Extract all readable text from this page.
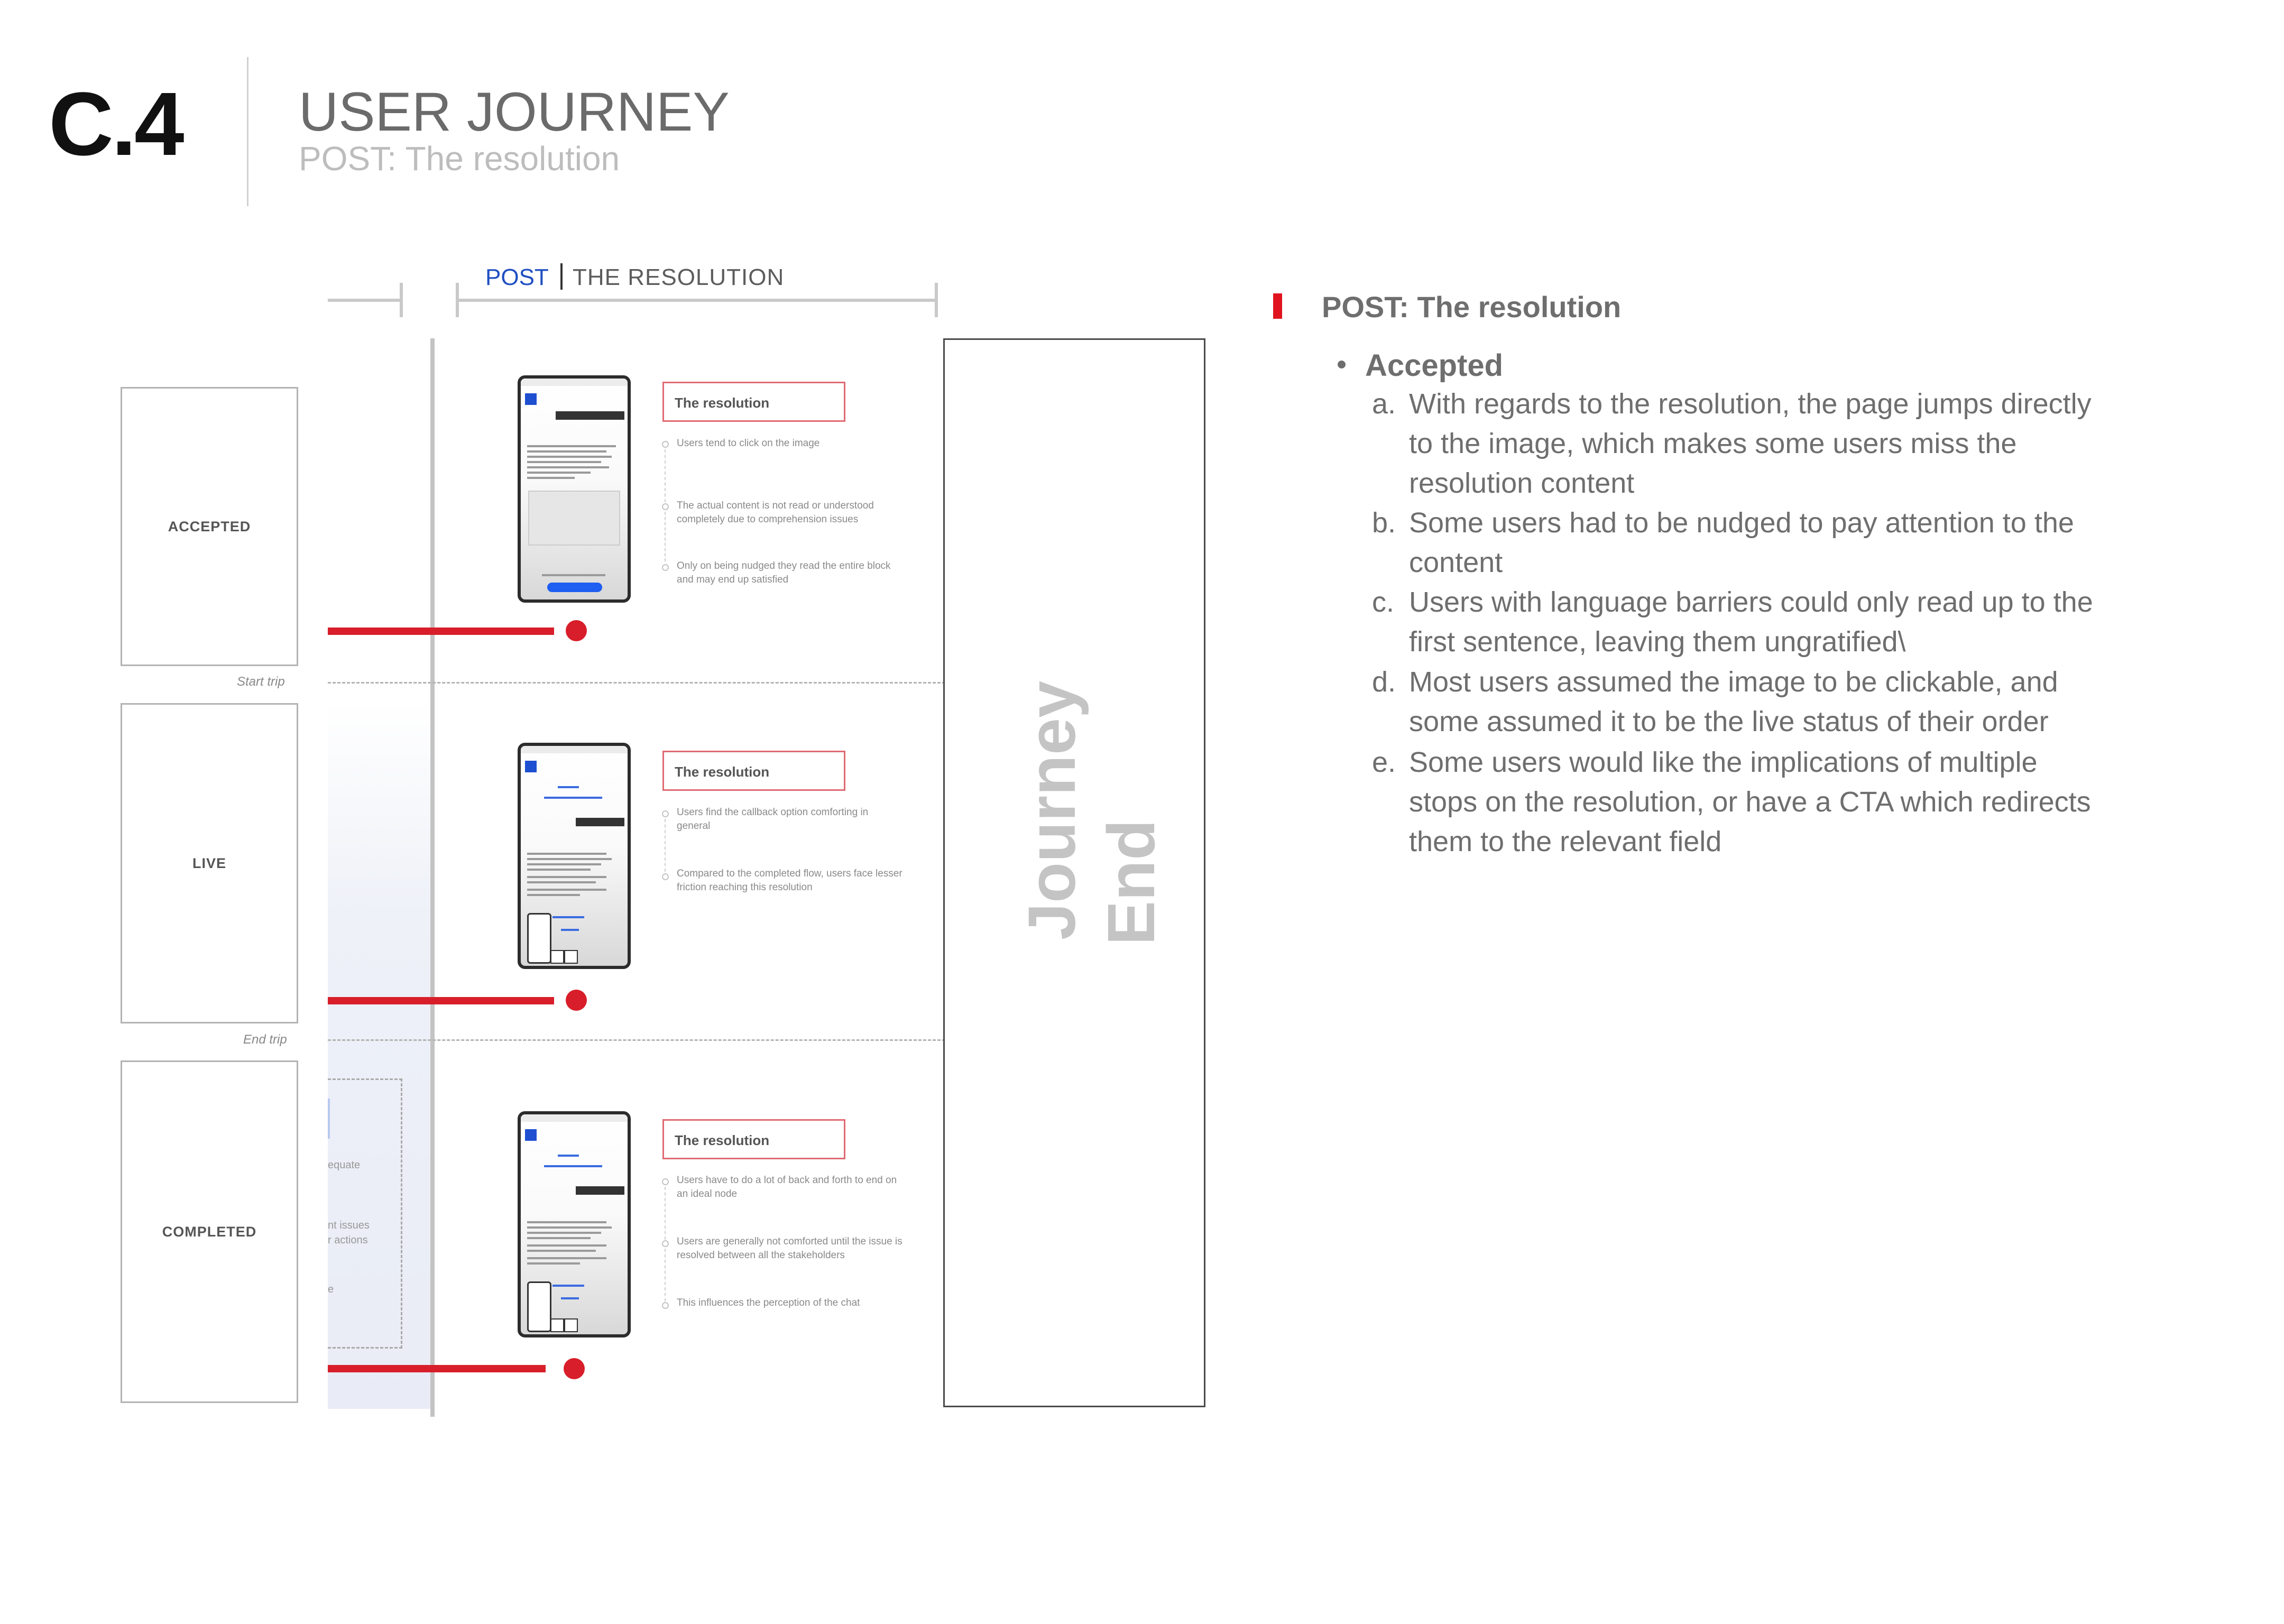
C.4 USER JOURNEY
POST: The resolution
POST THE RESOLUTION
ACCEPTED
Start trip
LIVE
End trip
COMPLETED
equate
nt issues
r actions
e
The resolution
Users tend to click on the image
The actual content is not read or understood completely due to comprehension issues
Only on being nudged they read the entire block and may end up satisfied
The resolution
Users find the callback option comforting in general
Compared to the completed flow, users face lesser friction reaching this resolution
The resolution
Users have to do a lot of back and forth to end on an ideal node
Users are generally not comforted until the issue is resolved between all the stakeholders
This influences the perception of the chat
Journey End
POST: The resolution
Accepted
a. With regards to the resolution, the page jumps directly
to the image, which makes some users miss the
resolution content
b. Some users had to be nudged to pay attention to the
content
c. Users with language barriers could only read up to the
first sentence, leaving them ungratified\
d. Most users assumed the image to be clickable, and
some assumed it to be the live status of their order
e. Some users would like the implications of multiple
stops on the resolution, or have a CTA which redirects
them to the relevant field
